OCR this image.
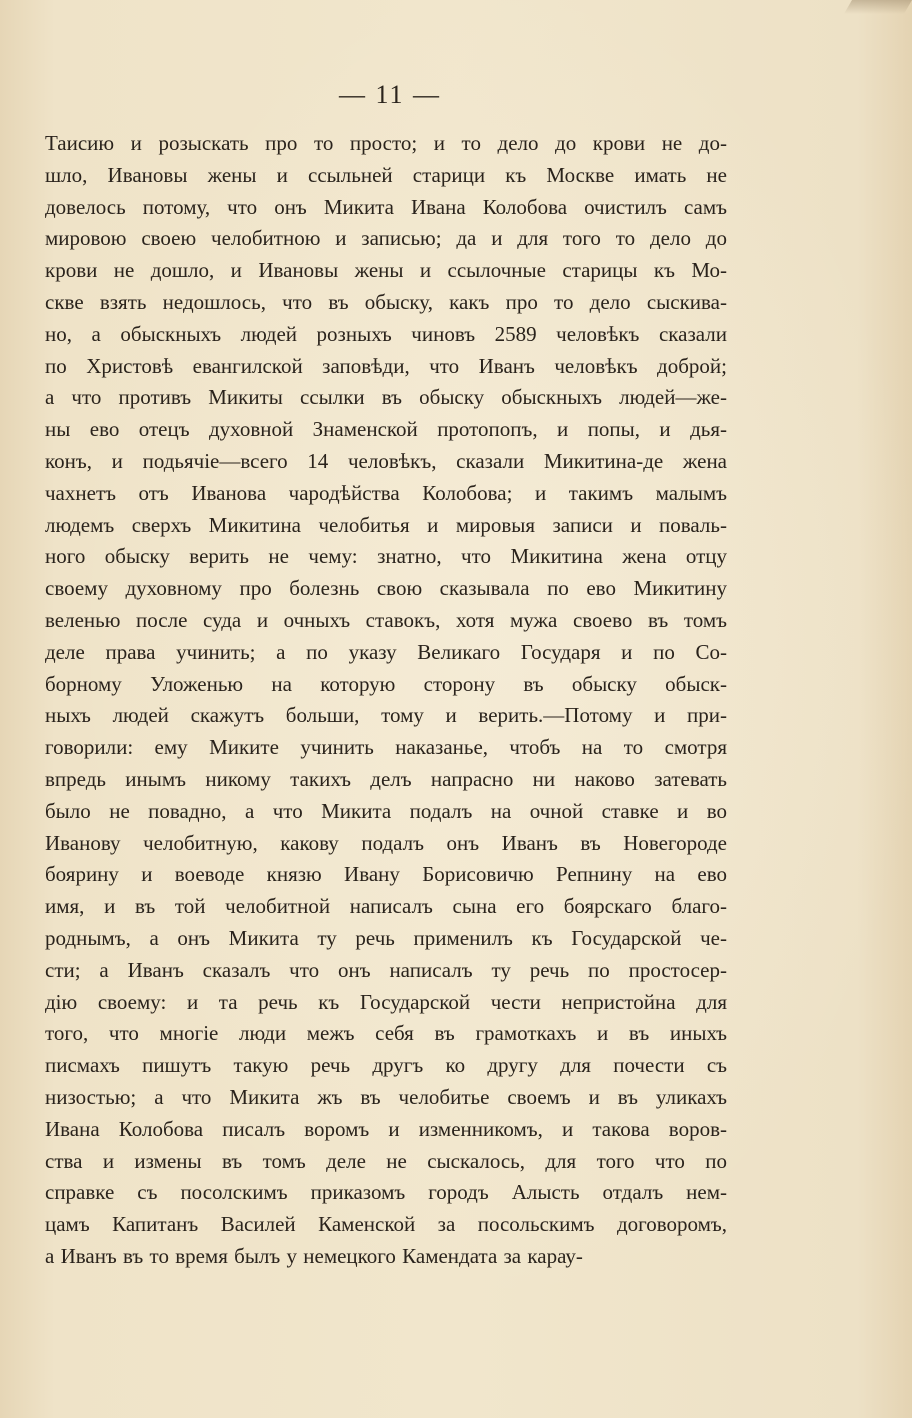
— 11 —
Таисию и розыскать про то просто; и то дело до крови не до-
шло, Ивановы жены и ссыльней старици къ Москве имать не
довелось потому, что онъ Микита Ивана Колобова очистилъ самъ
мировою своею челобитною и записью; да и для того то дело до
крови не дошло, и Ивановы жены и ссылочные старицы къ Мо-
скве взять недошлось, что въ обыску, какъ про то дело сыскива-
но, а обыскныхъ людей розныхъ чиновъ 2589 человѣкъ сказали
по Христовѣ евангилской заповѣди, что Иванъ человѣкъ доброй;
а что противъ Микиты ссылки въ обыску обыскныхъ людей—же-
ны ево отецъ духовной Знаменской протопопъ, и попы, и дья-
конъ, и подьячіе—всего 14 человѣкъ, сказали Микитина-де жена
чахнетъ отъ Иванова чародѣйства Колобова; и такимъ малымъ
людемъ сверхъ Микитина челобитья и мировыя записи и поваль-
ного обыску верить не чему: знатно, что Микитина жена отцу
своему духовному про болезнь свою сказывала по ево Микитину
веленью после суда и очныхъ ставокъ, хотя мужа своево въ томъ
деле права учинить; а по указу Великаго Государя и по Со-
борному Уложенью на которую сторону въ обыску обыск-
ныхъ людей скажутъ больши, тому и верить.—Потому и при-
говорили: ему Миките учинить наказанье, чтобъ на то смотря
впредь инымъ никому такихъ делъ напрасно ни наково затевать
было не повадно, а что Микита подалъ на очной ставке и во
Иванову челобитную, какову подалъ онъ Иванъ въ Новегороде
боярину и воеводе князю Ивану Борисовичю Репнину на ево
имя, и въ той челобитной написалъ сына его боярскаго благо-
роднымъ, а онъ Микита ту речь применилъ къ Государской че-
сти; а Иванъ сказалъ что онъ написалъ ту речь по простосер-
дію своему: и та речь къ Государской чести непристойна для
того, что многіе люди межъ себя въ грамоткахъ и въ иныхъ
писмахъ пишутъ такую речь другъ ко другу для почести съ
низостью; а что Микита жъ въ челобитье своемъ и въ уликахъ
Ивана Колобова писалъ воромъ и изменникомъ, и такова воров-
ства и измены въ томъ деле не сыскалось, для того что по
справке съ посолскимъ приказомъ городъ Алысть отдалъ нем-
цамъ Капитанъ Василей Каменской за посольскимъ договоромъ,
а Иванъ въ то время былъ у немецкого Камендата за карау-
